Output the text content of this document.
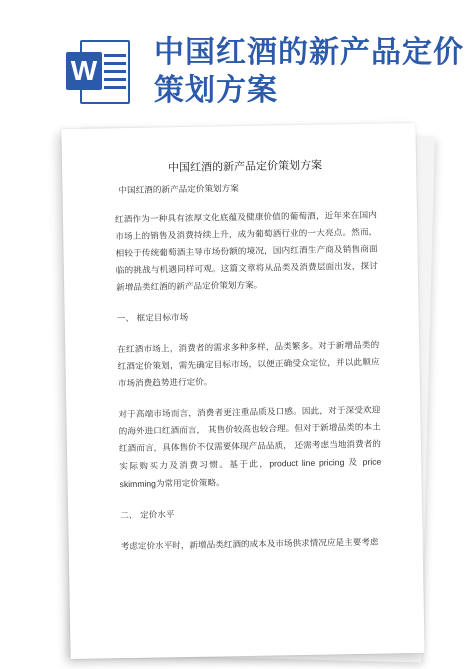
W
中国红酒的新产品定价策划方案
中国红酒的新产品定价策划方案
中国红酒的新产品定价策划方案

红酒作为一种具有浓厚文化底蕴及健康价值的葡萄酒，近年来在国内市场上的销售及消费持续上升，成为葡萄酒行业的一大亮点。然而，相较于传统葡萄酒主导市场份额的境况，国内红酒生产商及销售商面临的挑战与机遇同样可观。这篇文章将从品类及消费层面出发，探讨新增品类红酒的新产品定价策划方案。

一、 框定目标市场

在红酒市场上，消费者的需求多种多样，品类繁多。对于新增品类的红酒定价策划，需先确定目标市场，以便正确受众定位，并以此顺应市场消费趋势进行定价。

对于高端市场而言，消费者更注重品质及口感。因此，对于深受欢迎的海外进口红酒而言， 其售价较高也较合理。但对于新增品类的本土红酒而言，具体售价不仅需要体现产品品质， 还需考虑当地消费者的实际购买力及消费习惯。基于此，product line pricing 及 price skimming为常用定价策略。

二、 定价水平

考虑定价水平时，新增品类红酒的成本及市场供求情况应是主要考虑
